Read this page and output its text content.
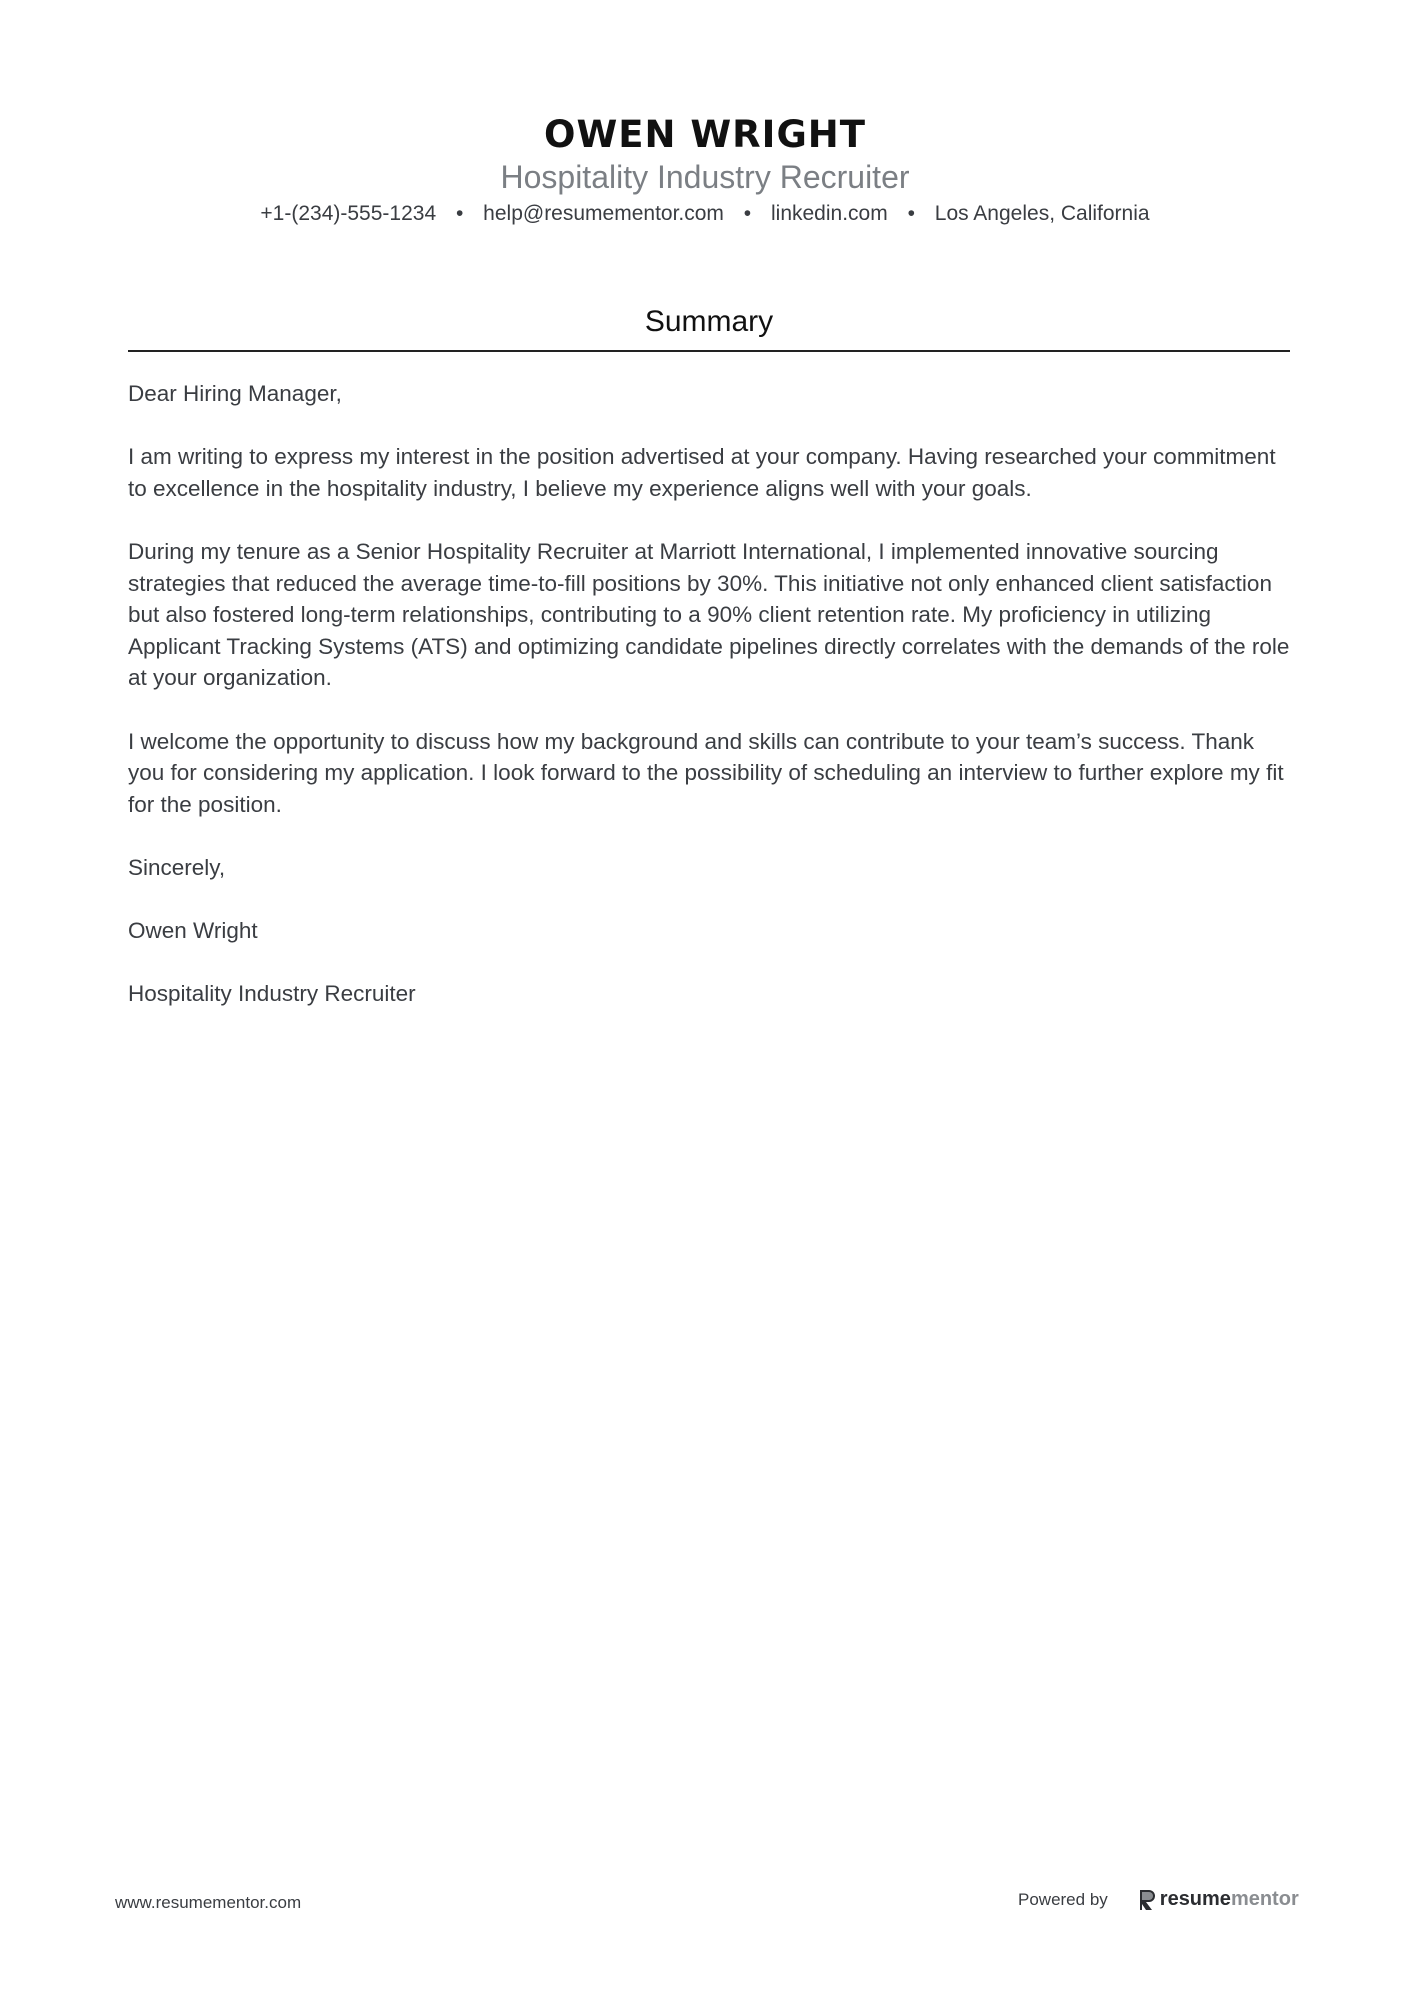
OWEN WRIGHT
Hospitality Industry Recruiter
+1-(234)-555-1234 • help@resumementor.com • linkedin.com • Los Angeles, California
Summary

Dear Hiring Manager,

I am writing to express my interest in the position advertised at your company. Having researched your commitment to excellence in the hospitality industry, I believe my experience aligns well with your goals.

During my tenure as a Senior Hospitality Recruiter at Marriott International, I implemented innovative sourcing strategies that reduced the average time-to-fill positions by 30%. This initiative not only enhanced client satisfaction but also fostered long-term relationships, contributing to a 90% client retention rate. My proficiency in utilizing Applicant Tracking Systems (ATS) and optimizing candidate pipelines directly correlates with the demands of the role at your organization.

I welcome the opportunity to discuss how my background and skills can contribute to your team’s success. Thank you for considering my application. I look forward to the possibility of scheduling an interview to further explore my fit for the position.

Sincerely,

Owen Wright

Hospitality Industry Recruiter

www.resumementor.com	Powered by	resume mentor
